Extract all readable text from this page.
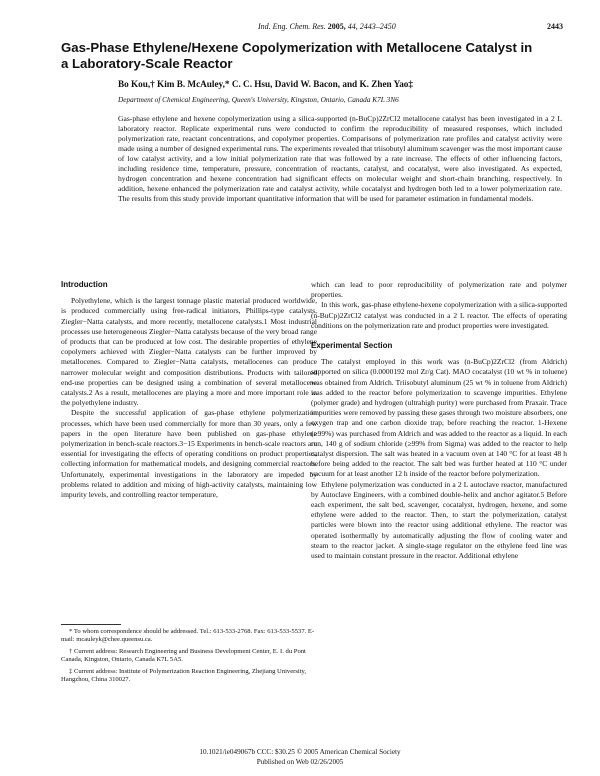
Ind. Eng. Chem. Res. 2005, 44, 2443–2450	2443
Gas-Phase Ethylene/Hexene Copolymerization with Metallocene Catalyst in a Laboratory-Scale Reactor
Bo Kou,† Kim B. McAuley,* C. C. Hsu, David W. Bacon, and K. Zhen Yao‡
Department of Chemical Engineering, Queen's University, Kingston, Ontario, Canada K7L 3N6

Gas-phase ethylene and hexene copolymerization using a silica-supported (n-BuCp)2ZrCl2 metallocene catalyst has been investigated in a 2 L laboratory reactor. Replicate experimental runs were conducted to confirm the reproducibility of measured responses, which included polymerization rate, reactant concentrations, and copolymer properties. Comparisons of polymerization rate profiles and catalyst activity were made using a number of designed experimental runs. The experiments revealed that triisobutyl aluminum scavenger was the most important cause of low catalyst activity, and a low initial polymerization rate that was followed by a rate increase. The effects of other influencing factors, including residence time, temperature, pressure, concentration of reactants, catalyst, and cocatalyst, were also investigated. As expected, hydrogen concentration and hexene concentration had significant effects on molecular weight and short-chain branching, respectively. In addition, hexene enhanced the polymerization rate and catalyst activity, while cocatalyst and hydrogen both led to a lower polymerization rate. The results from this study provide important quantitative information that will be used for parameter estimation in fundamental models.

Introduction

Polyethylene, which is the largest tonnage plastic material produced worldwide, is produced commercially using free-radical initiators, Phillips-type catalysts, Ziegler−Natta catalysts, and more recently, metallocene catalysts.1 Most industrial processes use heterogeneous Ziegler−Natta catalysts because of the very broad range of products that can be produced at low cost. The desirable properties of ethylene copolymers achieved with Ziegler−Natta catalysts can be further improved by metallocenes. Compared to Ziegler−Natta catalysts, metallocenes can produce narrower molecular weight and composition distributions. Products with tailored end-use properties can be designed using a combination of several metallocene catalysts.2 As a result, metallocenes are playing a more and more important role in the polyethylene industry.

Despite the successful application of gas-phase ethylene polymerization processes, which have been used commercially for more than 30 years, only a few papers in the open literature have been published on gas-phase ethylene polymerization in bench-scale reactors.3−15 Experiments in bench-scale reactors are essential for investigating the effects of operating conditions on product properties, collecting information for mathematical models, and designing commercial reactors. Unfortunately, experimental investigations in the laboratory are impeded by problems related to addition and mixing of high-activity catalysts, maintaining low impurity levels, and controlling reactor temperature,

which can lead to poor reproducibility of polymerization rate and polymer properties.

In this work, gas-phase ethylene-hexene copolymerization with a silica-supported (n-BuCp)2ZrCl2 catalyst was conducted in a 2 L reactor. The effects of operating conditions on the polymerization rate and product properties were investigated.

Experimental Section

The catalyst employed in this work was (n-BuCp)2ZrCl2 (from Aldrich) supported on silica (0.0000192 mol Zr/g Cat). MAO cocatalyst (10 wt % in toluene) was obtained from Aldrich. Triisobutyl aluminum (25 wt % in toluene from Aldrich) was added to the reactor before polymerization to scavenge impurities. Ethylene (polymer grade) and hydrogen (ultrahigh purity) were purchased from Praxair. Trace impurities were removed by passing these gases through two moisture absorbers, one oxygen trap and one carbon dioxide trap, before reaching the reactor. 1-Hexene (≥99%) was purchased from Aldrich and was added to the reactor as a liquid. In each run, 140 g of sodium chloride (≥99% from Sigma) was added to the reactor to help catalyst dispersion. The salt was heated in a vacuum oven at 140 °C for at least 48 h before being added to the reactor. The salt bed was further heated at 110 °C under vacuum for at least another 12 h inside of the reactor before polymerization.

Ethylene polymerization was conducted in a 2 L autoclave reactor, manufactured by Autoclave Engineers, with a combined double-helix and anchor agitator.5 Before each experiment, the salt bed, scavenger, cocatalyst, hydrogen, hexene, and some ethylene were added to the reactor. Then, to start the polymerization, catalyst particles were blown into the reactor using additional ethylene. The reactor was operated isothermally by automatically adjusting the flow of cooling water and steam to the reactor jacket. A single-stage regulator on the ethylene feed line was used to maintain constant pressure in the reactor. Additional ethylene

* To whom correspondence should be addressed. Tel.: 613-533-2768. Fax: 613-533-5537. E-mail: mcauleyk@chee.queensu.ca.
† Current address: Research Engineering and Business Development Center, E. I. du Pont Canada, Kingston, Ontario, Canada K7L 5A5.
‡ Current address: Institute of Polymerization Reaction Engineering, Zhejiang University, Hangzhou, China 310027.
10.1021/ie049067b CCC: $30.25 © 2005 American Chemical Society
Published on Web 02/26/2005
